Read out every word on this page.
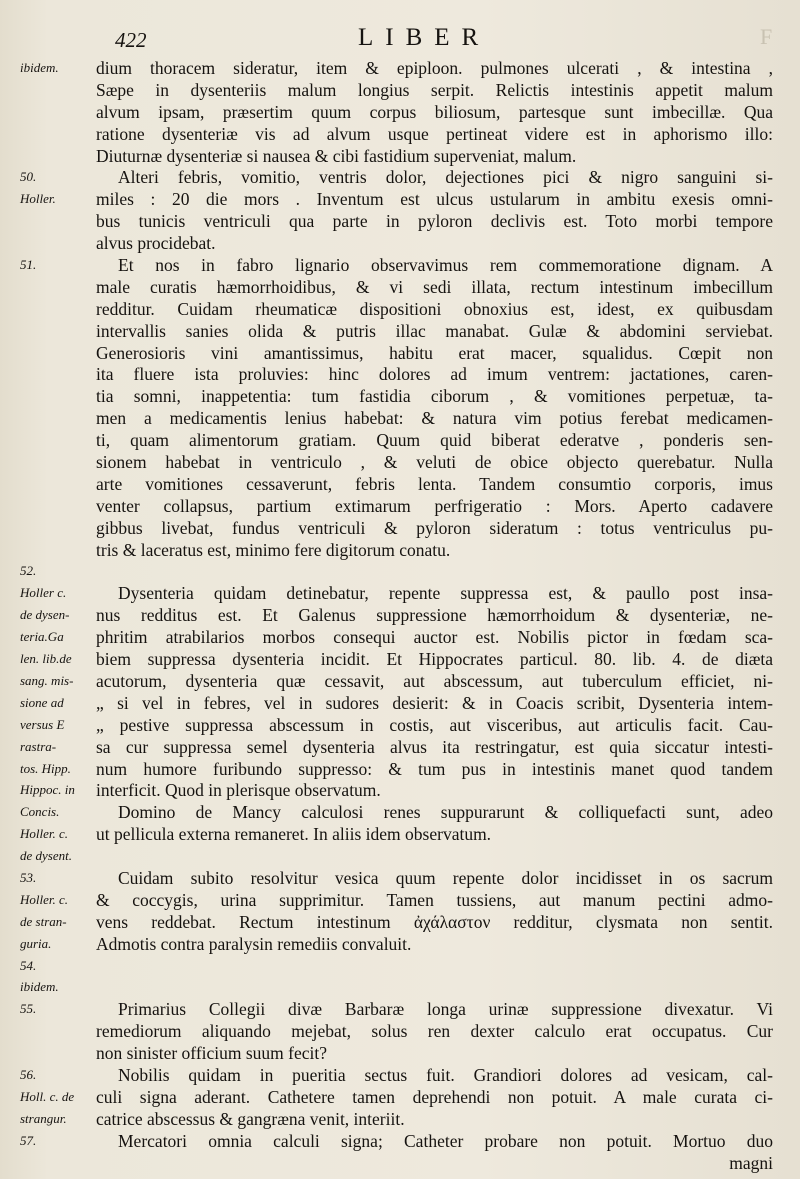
422	LIBER	F
ibidem.	dium thoracem sideratur, item & epiploon. pulmones ulcerati , & intestina ,
Sæpe in dysenteriis malum longius serpit. Relictis intestinis appetit malum
alvum ipsam, præsertim quum corpus biliosum, partesque sunt imbecillæ. Qua
ratione dysenteriæ vis ad alvum usque pertineat videre est in aphorismo illo:
Diuturnæ dysenteriæ si nausea & cibi fastidium superveniat, malum.
50.	Alteri febris, vomitio, ventris dolor, dejectiones pici & nigro sanguini si-
Holler.	miles : 20 die mors . Inventum est ulcus ustularum in ambitu exesis omni-
bus tunicis ventriculi qua parte in pyloron declivis est. Toto morbi tempore
alvus procidebat.
51.	Et nos in fabro lignario observavimus rem commemoratione dignam. A
male curatis hæmorrhoidibus, & vi sedi illata, rectum intestinum imbecillum
redditur. Cuidam rheumaticæ dispositioni obnoxius est, idest, ex quibusdam
intervallis sanies olida & putris illac manabat. Gulæ & abdomini serviebat.
Generosioris vini amantissimus, habitu erat macer, squalidus. Cœpit non
ita fluere ista proluvies: hinc dolores ad imum ventrem: jactationes, caren-
tia somni, inappetentia: tum fastidia ciborum , & vomitiones perpetuæ, ta-
men a medicamentis lenius habebat: & natura vim potius ferebat medicamen-
ti, quam alimentorum gratiam. Quum quid biberat ederatve , ponderis sen-
sionem habebat in ventriculo , & veluti de obice objecto querebatur. Nulla
arte vomitiones cessaverunt, febris lenta. Tandem consumtio corporis, imus
venter collapsus, partium extimarum perfrigeratio : Mors. Aperto cadavere
gibbus livebat, fundus ventriculi & pyloron sideratum : totus ventriculus pu-
tris & laceratus est, minimo fere digitorum conatu.
52.
Holler c.	Dysenteria quidam detinebatur, repente suppressa est, & paullo post insa-
de dysen-	nus redditus est. Et Galenus suppressione hæmorrhoidum & dysenteriæ, ne-
teria.Ga	phritim atrabilarios morbos consequi auctor est. Nobilis pictor in fœdam sca-
len. lib.de	biem suppressa dysenteria incidit. Et Hippocrates particul. 80. lib. 4. de diæta
sang. mis-	acutorum, dysenteria quæ cessavit, aut abscessum, aut tuberculum efficiet, ni-
sione ad	„ si vel in febres, vel in sudores desierit: & in Coacis scribit, Dysenteria intem-
versus E	„ pestive suppressa abscessum in costis, aut visceribus, aut articulis facit. Cau-
rastra-	sa cur suppressa semel dysenteria alvus ita restringatur, est quia siccatur intesti-
tos. Hipp.	num humore furibundo suppresso: & tum pus in intestinis manet quod tandem
Hippoc. in	interficit. Quod in plerisque observatum.
Concis.	Domino de Mancy calculosi renes suppurarunt & colliquefacti sunt, adeo
Holler. c.	ut pellicula externa remaneret. In aliis idem observatum.
de dysent.
53.	Cuidam subito resolvitur vesica quum repente dolor incidisset in os sacrum
Holler. c.	& coccygis, urina supprimitur. Tamen tussiens, aut manum pectini admo-
de stran-	vens reddebat. Rectum intestinum ἀχάλαστον redditur, clysmata non sentit.
guria.	Admotis contra paralysin remediis convaluit.
54.
ibidem.
55.	Primarius Collegii divæ Barbaræ longa urinæ suppressione divexatur. Vi
remediorum aliquando mejebat, solus ren dexter calculo erat occupatus. Cur
non sinister officium suum fecit?
56.	Nobilis quidam in pueritia sectus fuit. Grandiori dolores ad vesicam, cal-
Holl. c. de	culi signa aderant. Cathetere tamen deprehendi non potuit. A male curata ci-
strangur.	catrice abscessus & gangræna venit, interiit.
57.	Mercatori omnia calculi signa; Catheter probare non potuit. Mortuo duo
magni
